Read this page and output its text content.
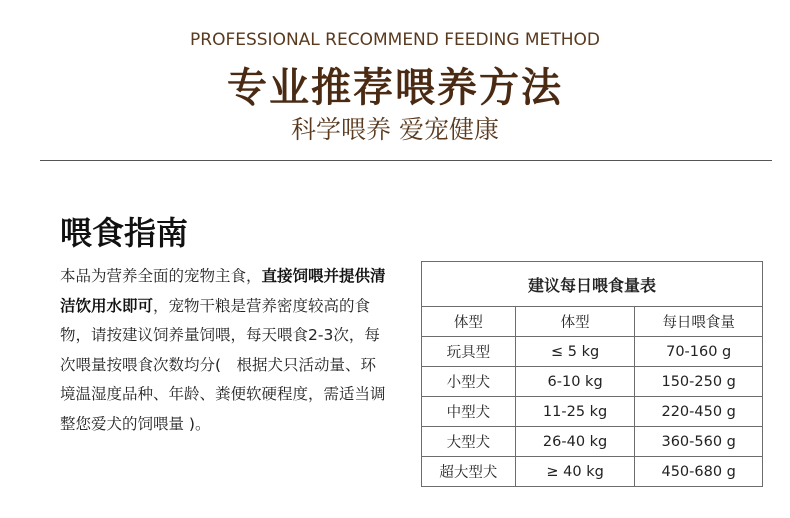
PROFESSIONAL RECOMMEND FEEDING METHOD
专业推荐喂养方法
科学喂养 爱宠健康
喂食指南
本品为营养全面的宠物主食，直接饲喂并提供清洁饮用水即可，宠物干粮是营养密度较高的食物，请按建议饲养量饲喂，每天喂食2-3次，每次喂量按喂食次数均分(　根据犬只活动量、环境温湿度品种、年龄、粪便软硬程度，需适当调整您爱犬的饲喂量 )。
建议每日喂食量表		
体型	体型	每日喂食量
玩具型	≤ 5 kg	70-160 g
小型犬	6-10 kg	150-250 g
中型犬	11-25 kg	220-450 g
大型犬	26-40 kg	360-560 g
超大型犬	≥ 40 kg	450-680 g
